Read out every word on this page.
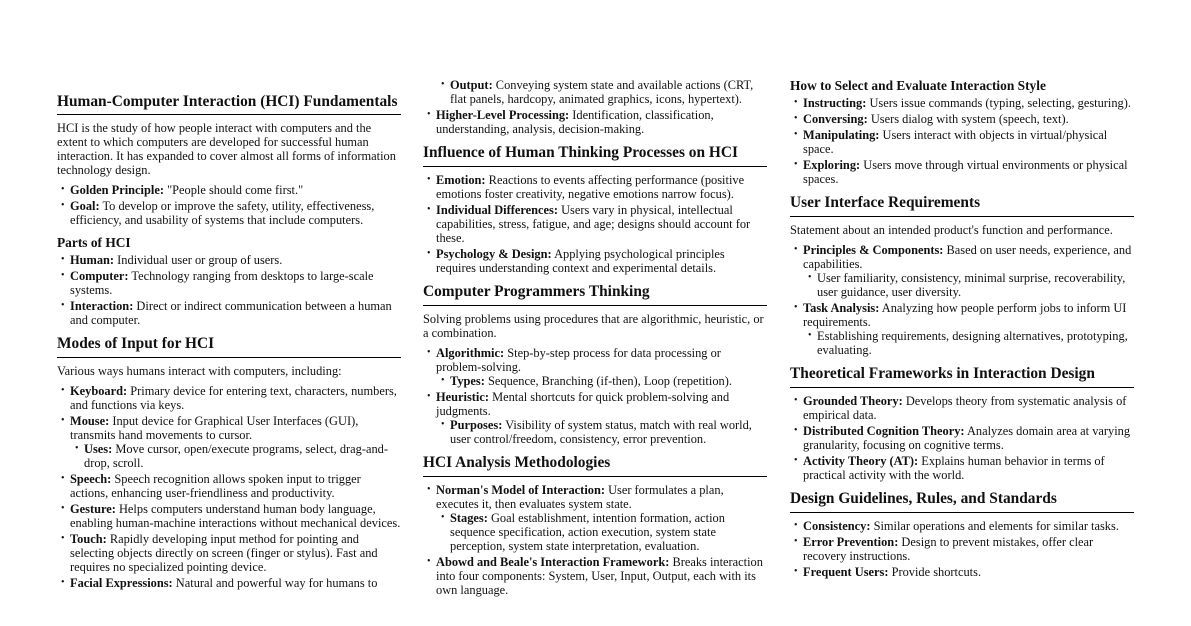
Human-Computer Interaction (HCI) Fundamentals

HCI is the study of how people interact with computers and the extent to which computers are developed for successful human interaction. It has expanded to cover almost all forms of information technology design.

• Golden Principle: "People should come first."
• Goal: To develop or improve the safety, utility, effectiveness, efficiency, and usability of systems that include computers.
Parts of HCI
• Human: Individual user or group of users.
• Computer: Technology ranging from desktops to large-scale systems.
• Interaction: Direct or indirect communication between a human and computer.
Modes of Input for HCI

Various ways humans interact with computers, including:

• Keyboard: Primary device for entering text, characters, numbers, and functions via keys.
• Mouse: Input device for Graphical User Interfaces (GUI), transmits hand movements to cursor.
• Uses: Move cursor, open/execute programs, select, drag-and-drop, scroll.
• Speech: Speech recognition allows spoken input to trigger actions, enhancing user-friendliness and productivity.
• Gesture: Helps computers understand human body language, enabling human-machine interactions without mechanical devices.
• Touch: Rapidly developing input method for pointing and selecting objects directly on screen (finger or stylus). Fast and requires no specialized pointing device.
• Facial Expressions: Natural and powerful way for humans to
• Output: Conveying system state and available actions (CRT, flat panels, hardcopy, animated graphics, icons, hypertext).
• Higher-Level Processing: Identification, classification, understanding, analysis, decision-making.
Influence of Human Thinking Processes on HCI
• Emotion: Reactions to events affecting performance (positive emotions foster creativity, negative emotions narrow focus).
• Individual Differences: Users vary in physical, intellectual capabilities, stress, fatigue, and age; designs should account for these.
• Psychology & Design: Applying psychological principles requires understanding context and experimental details.
Computer Programmers Thinking

Solving problems using procedures that are algorithmic, heuristic, or a combination.

• Algorithmic: Step-by-step process for data processing or problem-solving.
• Types: Sequence, Branching (if-then), Loop (repetition).
• Heuristic: Mental shortcuts for quick problem-solving and judgments.
• Purposes: Visibility of system status, match with real world, user control/freedom, consistency, error prevention.
HCI Analysis Methodologies
• Norman's Model of Interaction: User formulates a plan, executes it, then evaluates system state.
• Stages: Goal establishment, intention formation, action sequence specification, action execution, system state perception, system state interpretation, evaluation.
• Abowd and Beale's Interaction Framework: Breaks interaction into four components: System, User, Input, Output, each with its own language.
How to Select and Evaluate Interaction Style
• Instructing: Users issue commands (typing, selecting, gesturing).
• Conversing: Users dialog with system (speech, text).
• Manipulating: Users interact with objects in virtual/physical space.
• Exploring: Users move through virtual environments or physical spaces.
User Interface Requirements

Statement about an intended product's function and performance.

• Principles & Components: Based on user needs, experience, and capabilities.
• User familiarity, consistency, minimal surprise, recoverability, user guidance, user diversity.
• Task Analysis: Analyzing how people perform jobs to inform UI requirements.
• Establishing requirements, designing alternatives, prototyping, evaluating.
Theoretical Frameworks in Interaction Design
• Grounded Theory: Develops theory from systematic analysis of empirical data.
• Distributed Cognition Theory: Analyzes domain area at varying granularity, focusing on cognitive terms.
• Activity Theory (AT): Explains human behavior in terms of practical activity with the world.
Design Guidelines, Rules, and Standards
• Consistency: Similar operations and elements for similar tasks.
• Error Prevention: Design to prevent mistakes, offer clear recovery instructions.
• Frequent Users: Provide shortcuts.
